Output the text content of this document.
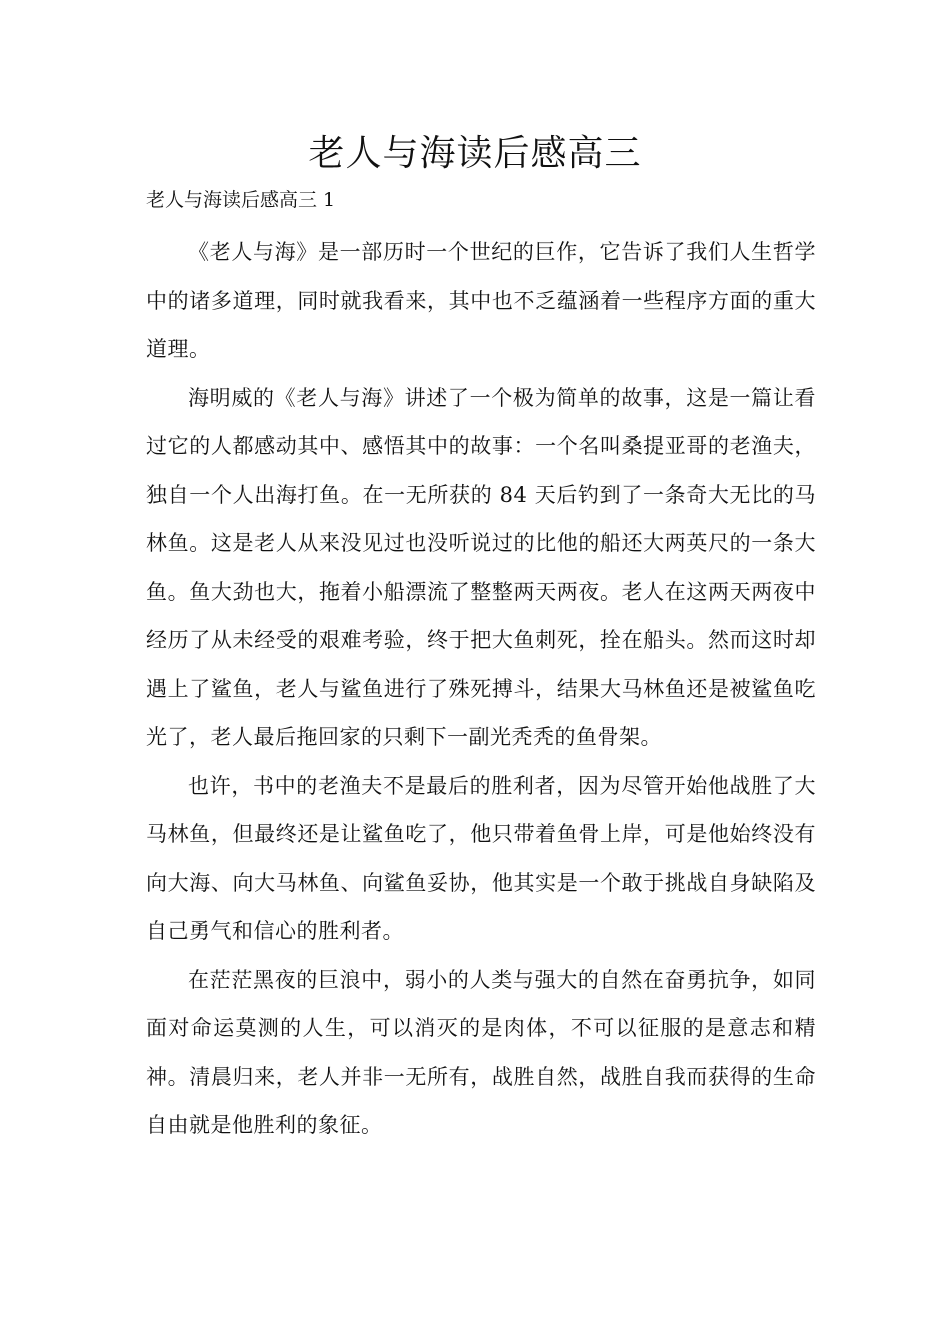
老人与海读后感高三
老人与海读后感高三 1

《老人与海》是一部历时一个世纪的巨作，它告诉了我们人生哲学中的诸多道理，同时就我看来，其中也不乏蕴涵着一些程序方面的重大道理。

海明威的《老人与海》讲述了一个极为简单的故事，这是一篇让看过它的人都感动其中、感悟其中的故事：一个名叫桑提亚哥的老渔夫，独自一个人出海打鱼。在一无所获的 84 天后钓到了一条奇大无比的马林鱼。这是老人从来没见过也没听说过的比他的船还大两英尺的一条大鱼。鱼大劲也大，拖着小船漂流了整整两天两夜。老人在这两天两夜中经历了从未经受的艰难考验，终于把大鱼刺死，拴在船头。然而这时却遇上了鲨鱼，老人与鲨鱼进行了殊死搏斗，结果大马林鱼还是被鲨鱼吃光了，老人最后拖回家的只剩下一副光秃秃的鱼骨架。

也许，书中的老渔夫不是最后的胜利者，因为尽管开始他战胜了大马林鱼，但最终还是让鲨鱼吃了，他只带着鱼骨上岸，可是他始终没有向大海、向大马林鱼、向鲨鱼妥协，他其实是一个敢于挑战自身缺陷及自己勇气和信心的胜利者。

在茫茫黑夜的巨浪中，弱小的人类与强大的自然在奋勇抗争，如同面对命运莫测的人生，可以消灭的是肉体，不可以征服的是意志和精神。清晨归来，老人并非一无所有，战胜自然，战胜自我而获得的生命自由就是他胜利的象征。
